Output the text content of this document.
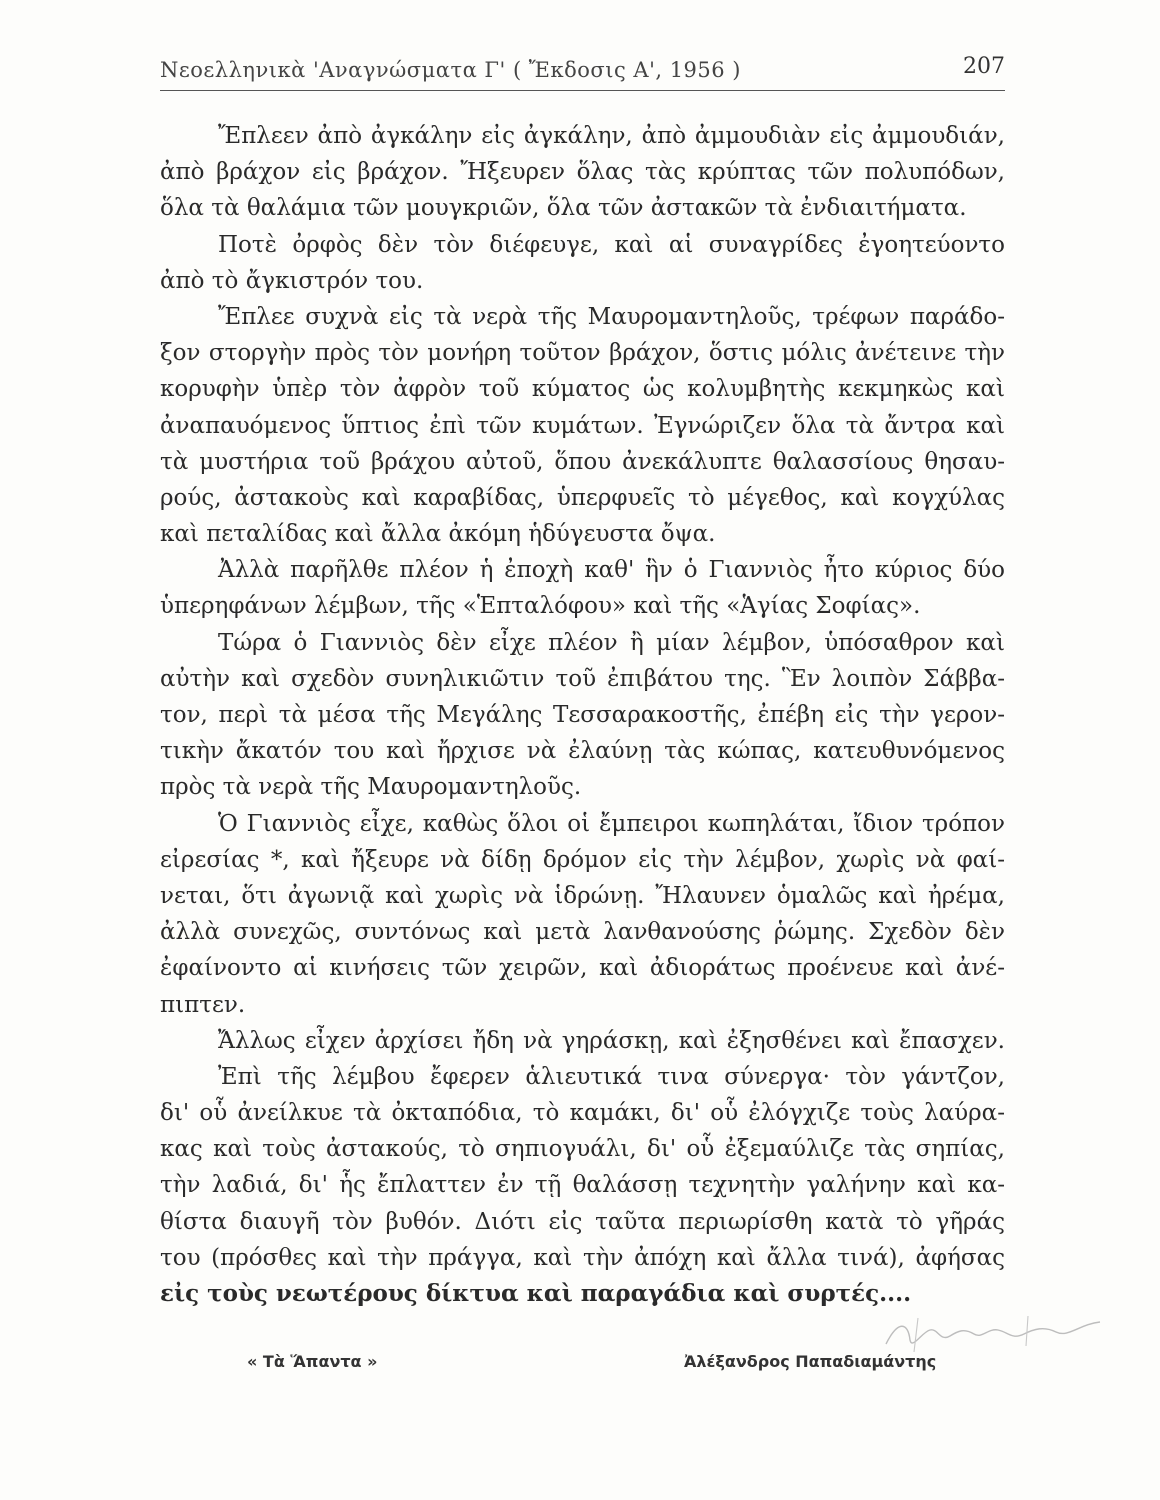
Νεοελληνικὰ 'Αναγνώσματα Γ' ( Ἔκδοσις Α', 1956 )	207
Ἔπλεεν ἀπὸ ἀγκάλην εἰς ἀγκάλην, ἀπὸ ἀμμουδιὰν εἰς ἀμμουδιάν,
ἀπὸ βράχον εἰς βράχον. Ἤξευρεν ὅλας τὰς κρύπτας τῶν πολυπόδων,
ὅλα τὰ θαλάμια τῶν μουγκριῶν, ὅλα τῶν ἀστακῶν τὰ ἐνδιαιτήματα.
Ποτὲ ὀρφὸς δὲν τὸν διέφευγε, καὶ αἱ συναγρίδες ἐγοητεύοντο
ἀπὸ τὸ ἄγκιστρόν του.
Ἔπλεε συχνὰ εἰς τὰ νερὰ τῆς Μαυρομαντηλοῦς, τρέφων παράδο-
ξον στοργὴν πρὸς τὸν μονήρη τοῦτον βράχον, ὅστις μόλις ἀνέτεινε τὴν
κορυφὴν ὑπὲρ τὸν ἀφρὸν τοῦ κύματος ὡς κολυμβητὴς κεκμηκὼς καὶ
ἀναπαυόμενος ὕπτιος ἐπὶ τῶν κυμάτων. Ἐγνώριζεν ὅλα τὰ ἄντρα καὶ
τὰ μυστήρια τοῦ βράχου αὐτοῦ, ὅπου ἀνεκάλυπτε θαλασσίους θησαυ-
ρούς, ἀστακοὺς καὶ καραβίδας, ὑπερφυεῖς τὸ μέγεθος, καὶ κογχύλας
καὶ πεταλίδας καὶ ἄλλα ἀκόμη ἡδύγευστα ὄψα.
Ἀλλὰ παρῆλθε πλέον ἡ ἐποχὴ καθ' ἣν ὁ Γιαννιὸς ἦτο κύριος δύο
ὑπερηφάνων λέμβων, τῆς «Ἑπταλόφου» καὶ τῆς «Ἁγίας Σοφίας».
Τώρα ὁ Γιαννιὸς δὲν εἶχε πλέον ἢ μίαν λέμβον, ὑπόσαθρον καὶ
αὐτὴν καὶ σχεδὸν συνηλικιῶτιν τοῦ ἐπιβάτου της. Ἓν λοιπὸν Σάββα-
τον, περὶ τὰ μέσα τῆς Μεγάλης Τεσσαρακοστῆς, ἐπέβη εἰς τὴν γερον-
τικὴν ἄκατόν του καὶ ἤρχισε νὰ ἐλαύνῃ τὰς κώπας, κατευθυνόμενος
πρὸς τὰ νερὰ τῆς Μαυρομαντηλοῦς.
Ὁ Γιαννιὸς εἶχε, καθὼς ὅλοι οἱ ἔμπειροι κωπηλάται, ἴδιον τρόπον
εἰρεσίας *, καὶ ἤξευρε νὰ δίδῃ δρόμον εἰς τὴν λέμβον, χωρὶς νὰ φαί-
νεται, ὅτι ἀγωνιᾷ καὶ χωρὶς νὰ ἱδρώνῃ. Ἤλαυνεν ὁμαλῶς καὶ ἠρέμα,
ἀλλὰ συνεχῶς, συντόνως καὶ μετὰ λανθανούσης ῥώμης. Σχεδὸν δὲν
ἐφαίνοντο αἱ κινήσεις τῶν χειρῶν, καὶ ἀδιοράτως προένευε καὶ ἀνέ-
πιπτεν.
Ἄλλως εἶχεν ἀρχίσει ἤδη νὰ γηράσκῃ, καὶ ἐξησθένει καὶ ἔπασχεν.
Ἐπὶ τῆς λέμβου ἔφερεν ἁλιευτικά τινα σύνεργα· τὸν γάντζον,
δι' οὗ ἀνείλκυε τὰ ὀκταπόδια, τὸ καμάκι, δι' οὗ ἐλόγχιζε τοὺς λαύρα-
κας καὶ τοὺς ἀστακούς, τὸ σηπιογυάλι, δι' οὗ ἐξεμαύλιζε τὰς σηπίας,
τὴν λαδιά, δι' ἧς ἔπλαττεν ἐν τῇ θαλάσσῃ τεχνητὴν γαλήνην καὶ κα-
θίστα διαυγῆ τὸν βυθόν. Διότι εἰς ταῦτα περιωρίσθη κατὰ τὸ γῆράς
του (πρόσθες καὶ τὴν πράγγα, καὶ τὴν ἀπόχη καὶ ἄλλα τινά), ἀφήσας
εἰς τοὺς νεωτέρους δίκτυα καὶ παραγάδια καὶ συρτές....
« Τὰ Ἅπαντα »	Ἀλέξανδρος Παπαδιαμάντης
